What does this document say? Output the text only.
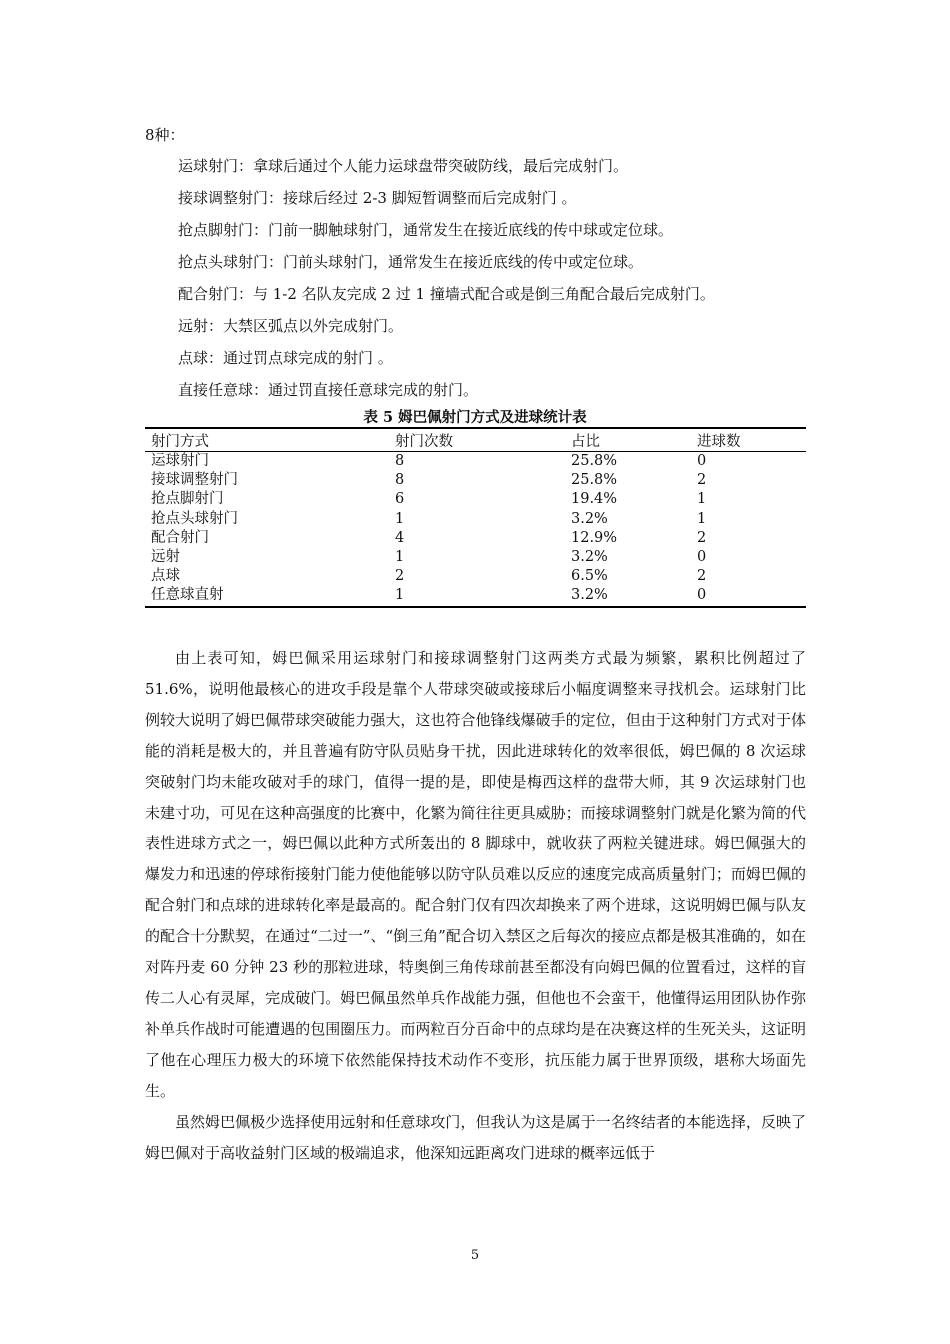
8种：
运球射门：拿球后通过个人能力运球盘带突破防线，最后完成射门。
接球调整射门：接球后经过 2-3 脚短暂调整而后完成射门 。
抢点脚射门：门前一脚触球射门，通常发生在接近底线的传中球或定位球。
抢点头球射门：门前头球射门，通常发生在接近底线的传中或定位球。
配合射门：与 1-2 名队友完成 2 过 1 撞墙式配合或是倒三角配合最后完成射门。
远射：大禁区弧点以外完成射门。
点球：通过罚点球完成的射门 。
直接任意球：通过罚直接任意球完成的射门。
表 5 姆巴佩射门方式及进球统计表
射门方式	射门次数	占比	进球数
运球射门	8	25.8%	0
接球调整射门	8	25.8%	2
抢点脚射门	6	19.4%	1
抢点头球射门	1	3.2%	1
配合射门	4	12.9%	2
远射	1	3.2%	0
点球	2	6.5%	2
任意球直射	1	3.2%	0

由上表可知，姆巴佩采用运球射门和接球调整射门这两类方式最为频繁，累积比例超过了 51.6%，说明他最核心的进攻手段是靠个人带球突破或接球后小幅度调整来寻找机会。运球射门比例较大说明了姆巴佩带球突破能力强大，这也符合他锋线爆破手的定位，但由于这种射门方式对于体能的消耗是极大的，并且普遍有防守队员贴身干扰，因此进球转化的效率很低，姆巴佩的 8 次运球突破射门均未能攻破对手的球门，值得一提的是，即使是梅西这样的盘带大师，其 9 次运球射门也未建寸功，可见在这种高强度的比赛中，化繁为简往往更具威胁；而接球调整射门就是化繁为简的代表性进球方式之一，姆巴佩以此种方式所轰出的 8 脚球中，就收获了两粒关键进球。姆巴佩强大的爆发力和迅速的停球衔接射门能力使他能够以防守队员难以反应的速度完成高质量射门；而姆巴佩的配合射门和点球的进球转化率是最高的。配合射门仅有四次却换来了两个进球，这说明姆巴佩与队友的配合十分默契，在通过“二过一”、“倒三角”配合切入禁区之后每次的接应点都是极其准确的，如在对阵丹麦 60 分钟 23 秒的那粒进球，特奥倒三角传球前甚至都没有向姆巴佩的位置看过，这样的盲传二人心有灵犀，完成破门。姆巴佩虽然单兵作战能力强，但他也不会蛮干，他懂得运用团队协作弥补单兵作战时可能遭遇的包围圈压力。而两粒百分百命中的点球均是在决赛这样的生死关头，这证明了他在心理压力极大的环境下依然能保持技术动作不变形，抗压能力属于世界顶级，堪称大场面先生。

虽然姆巴佩极少选择使用远射和任意球攻门，但我认为这是属于一名终结者的本能选择，反映了姆巴佩对于高收益射门区域的极端追求，他深知远距离攻门进球的概率远低于

5
